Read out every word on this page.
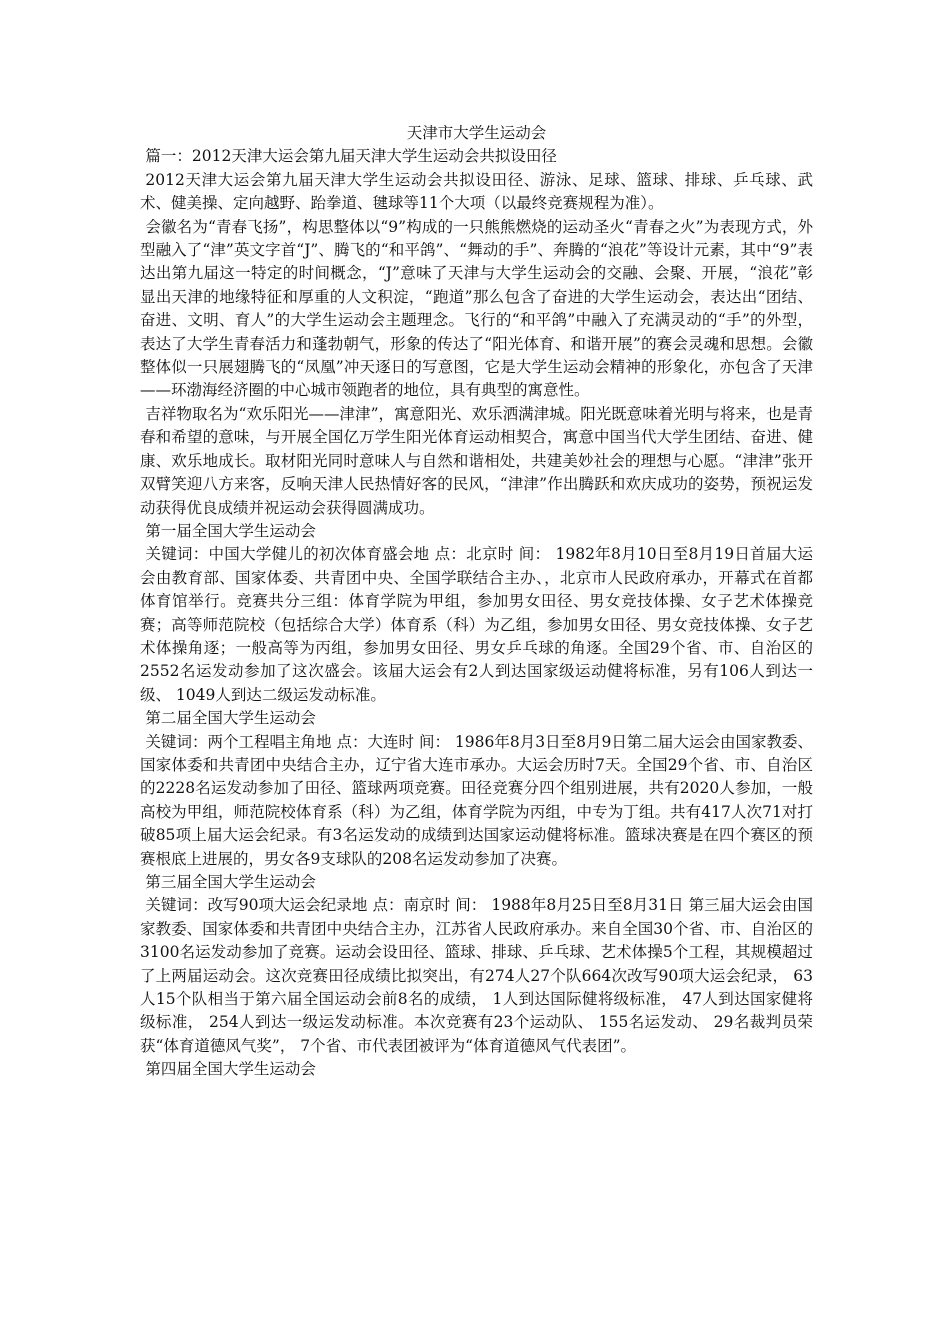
天津市大学生运动会

篇一：2012天津大运会第九届天津大学生运动会共拟设田径

2012天津大运会第九届天津大学生运动会共拟设田径、游泳、足球、篮球、排球、乒乓球、武术、健美操、定向越野、跆拳道、毽球等11个大项（以最终竞赛规程为准）。

会徽名为“青春飞扬”，构思整体以“9”构成的一只熊熊燃烧的运动圣火“青春之火”为表现方式，外型融入了“津”英文字首“J”、腾飞的“和平鸽”、“舞动的手”、奔腾的“浪花”等设计元素，其中“9”表达出第九届这一特定的时间概念，“J”意味了天津与大学生运动会的交融、会聚、开展，“浪花”彰显出天津的地缘特征和厚重的人文积淀，“跑道”那么包含了奋进的大学生运动会，表达出“团结、奋进、文明、育人”的大学生运动会主题理念。飞行的“和平鸽”中融入了充满灵动的“手”的外型，表达了大学生青春活力和蓬勃朝气，形象的传达了“阳光体育、和谐开展”的赛会灵魂和思想。会徽整体似一只展翅腾飞的“凤凰”冲天逐日的写意图，它是大学生运动会精神的形象化，亦包含了天津——环渤海经济圈的中心城市领跑者的地位，具有典型的寓意性。

吉祥物取名为“欢乐阳光——津津”，寓意阳光、欢乐洒满津城。阳光既意味着光明与将来，也是青春和希望的意味，与开展全国亿万学生阳光体育运动相契合，寓意中国当代大学生团结、奋进、健康、欢乐地成长。取材阳光同时意味人与自然和谐相处，共建美妙社会的理想与心愿。“津津”张开双臂笑迎八方来客，反响天津人民热情好客的民风，“津津”作出腾跃和欢庆成功的姿势，预祝运发动获得优良成绩并祝运动会获得圆满成功。

第一届全国大学生运动会

关键词：中国大学健儿的初次体育盛会地 点：北京时 间： 1982年8月10日至8月19日首届大运会由教育部、国家体委、共青团中央、全国学联结合主办、，北京市人民政府承办，开幕式在首都体育馆举行。竞赛共分三组：体育学院为甲组，参加男女田径、男女竞技体操、女子艺术体操竞赛；高等师范院校（包括综合大学）体育系（科）为乙组，参加男女田径、男女竞技体操、女子艺术体操角逐；一般高等为丙组，参加男女田径、男女乒乓球的角逐。全国29个省、市、自治区的2552名运发动参加了这次盛会。该届大运会有2人到达国家级运动健将标准，另有106人到达一级、 1049人到达二级运发动标准。

第二届全国大学生运动会

关键词：两个工程唱主角地 点：大连时 间： 1986年8月3日至8月9日第二届大运会由国家教委、国家体委和共青团中央结合主办，辽宁省大连市承办。大运会历时7天。全国29个省、市、自治区的2228名运发动参加了田径、篮球两项竞赛。田径竞赛分四个组别进展，共有2020人参加，一般高校为甲组，师范院校体育系（科）为乙组，体育学院为丙组，中专为丁组。共有417人次71对打破85项上届大运会纪录。有3名运发动的成绩到达国家运动健将标准。篮球决赛是在四个赛区的预赛根底上进展的，男女各9支球队的208名运发动参加了决赛。

第三届全国大学生运动会

关键词：改写90项大运会纪录地 点：南京时 间： 1988年8月25日至8月31日 第三届大运会由国家教委、国家体委和共青团中央结合主办，江苏省人民政府承办。来自全国30个省、市、自治区的3100名运发动参加了竞赛。运动会设田径、篮球、排球、乒乓球、艺术体操5个工程，其规模超过了上两届运动会。这次竞赛田径成绩比拟突出，有274人27个队664次改写90项大运会纪录， 63人15个队相当于第六届全国运动会前8名的成绩， 1人到达国际健将级标准， 47人到达国家健将级标准， 254人到达一级运发动标准。本次竞赛有23个运动队、 155名运发动、 29名裁判员荣获“体育道德风气奖”， 7个省、市代表团被评为“体育道德风气代表团”。

第四届全国大学生运动会
